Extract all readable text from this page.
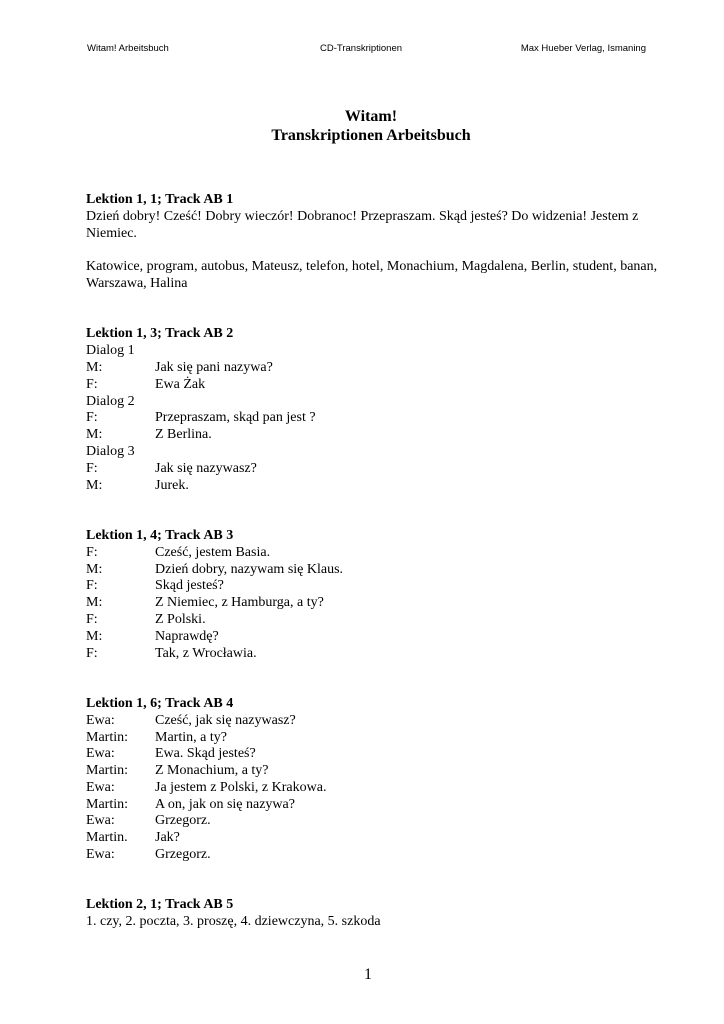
Witam! Arbeitsbuch	CD-Transkriptionen	Max Hueber Verlag, Ismaning
Witam!
Transkriptionen Arbeitsbuch
Lektion 1, 1; Track AB 1

Dzień dobry! Cześć! Dobry wieczór! Dobranoc! Przepraszam. Skąd jesteś? Do widzenia! Jestem z Niemiec.

Katowice, program, autobus, Mateusz, telefon, hotel, Monachium, Magdalena, Berlin, student, banan, Warszawa, Halina

Lektion 1, 3; Track AB 2
Dialog 1
M:	Jak się pani nazywa?
F:	Ewa Żak
Dialog 2
F:	Przepraszam, skąd pan jest ?
M:	Z Berlina.
Dialog 3
F:	Jak się nazywasz?
M:	Jurek.
Lektion 1, 4; Track AB 3
F:	Cześć, jestem Basia.
M:	Dzień dobry, nazywam się Klaus.
F:	Skąd jesteś?
M:	Z Niemiec, z Hamburga, a ty?
F:	Z Polski.
M:	Naprawdę?
F:	Tak, z Wrocławia.
Lektion 1, 6; Track AB 4
Ewa:	Cześć, jak się nazywasz?
Martin:	Martin, a ty?
Ewa:	Ewa. Skąd jesteś?
Martin:	Z Monachium, a ty?
Ewa:	Ja jestem z Polski, z Krakowa.
Martin:	A on, jak on się nazywa?
Ewa:	Grzegorz.
Martin.	Jak?
Ewa:	Grzegorz.
Lektion 2, 1; Track AB 5

1. czy, 2. poczta, 3. proszę, 4. dziewczyna, 5. szkoda

1
